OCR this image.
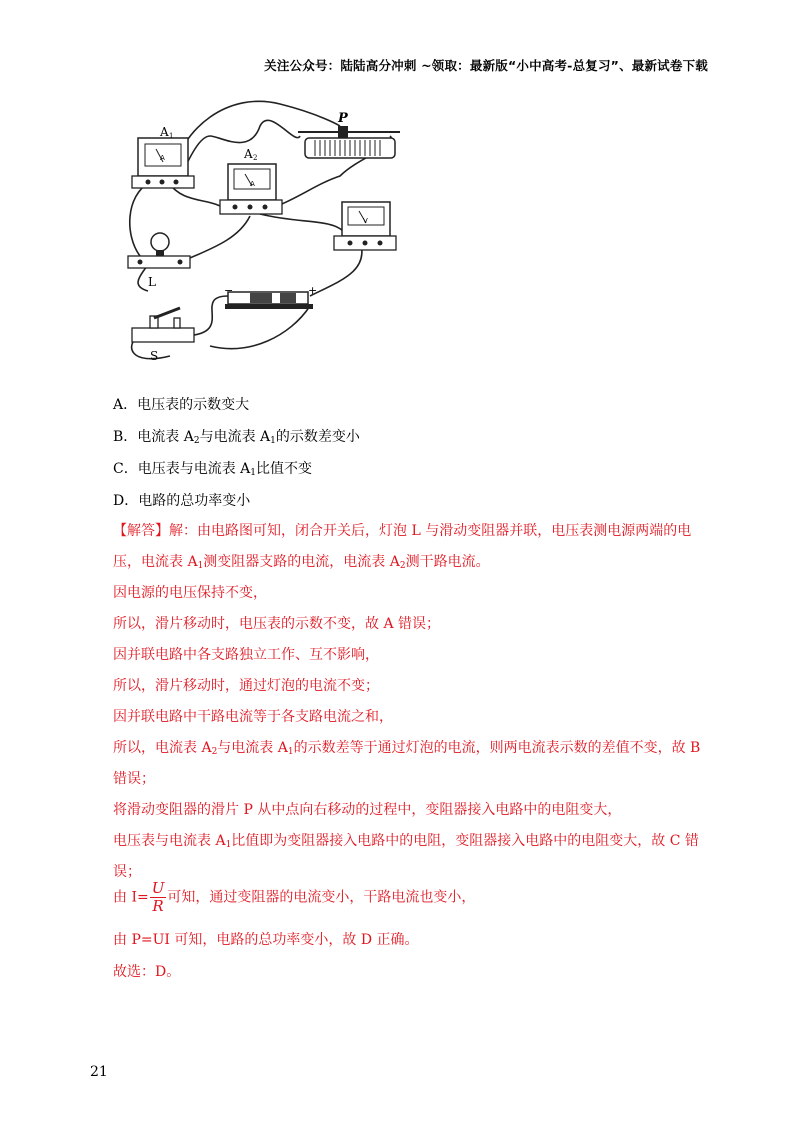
关注公众号：陆陆高分冲刺 ~领取：最新版“小中高考-总复习”、最新试卷下载
A 1
A	A 2
A
P
V
L
−	+
S
A．电压表的示数变大
B．电流表 $A_2$与电流表 $A_1$的示数差变小
C．电压表与电流表 $A_1$比值不变
D．电路的总功率变小
【解答】解：由电路图可知，闭合开关后，灯泡 L 与滑动变阻器并联，电压表测电源两端的电
压，电流表 $A_1$测变阻器支路的电流，电流表 $A_2$测干路电流。
因电源的电压保持不变，
所以，滑片移动时，电压表的示数不变，故 A 错误；
因并联电路中各支路独立工作、互不影响，
所以，滑片移动时，通过灯泡的电流不变；
因并联电路中干路电流等于各支路电流之和，
所以，电流表 $A_2$与电流表 $A_1$的示数差等于通过灯泡的电流，则两电流表示数的差值不变，故 B
错误；
将滑动变阻器的滑片 P 从中点向右移动的过程中，变阻器接入电路中的电阻变大，
电压表与电流表 $A_1$比值即为变阻器接入电路中的电阻，变阻器接入电路中的电阻变大，故 C 错
误；
由 $I= \frac{U}{R}$ 可知，通过变阻器的电流变小，干路电流也变小，
由 P=UI 可知，电路的总功率变小，故 D 正确。
故选：D。
21
